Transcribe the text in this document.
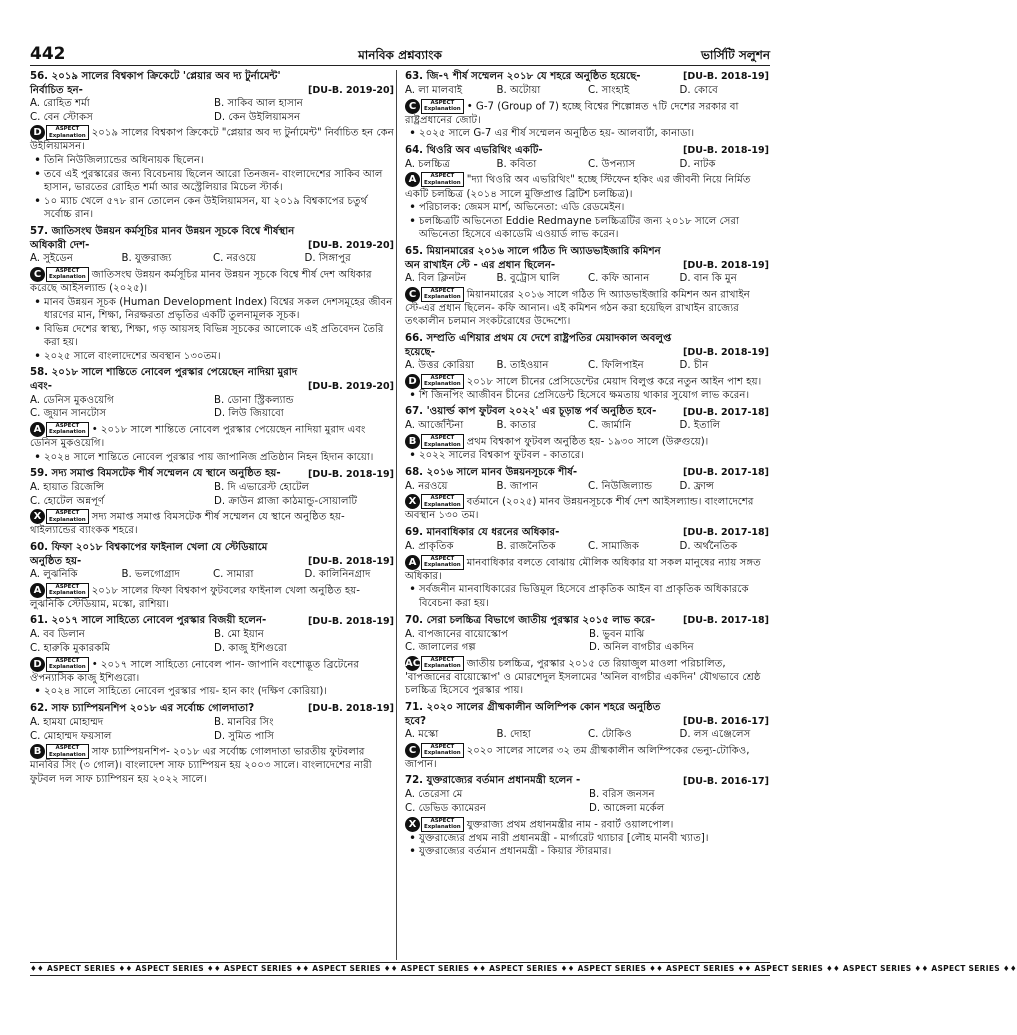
442	মানবিক প্রশ্নব্যাংক	ভার্সিটি সলুশন
56. ২০১৯ সালের বিশ্বকাপ ক্রিকেটে 'প্লেয়ার অব দ্য টুর্নামেন্ট' নির্বাচিত হন-	[DU-B. 2019-20]
A. রোহিত শর্মা	B. সাকিব আল হাসান
C. বেন স্টোকস	D. কেন উইলিয়ামসন
D	ASPECT
Explanation ২০১৯ সালের বিশ্বকাপ ক্রিকেটে "প্লেয়ার অব দ্য টুর্নামেন্ট" নির্বাচিত হন কেন উইলিয়ামসন।
• তিনি নিউজিল্যান্ডের অধিনায়ক ছিলেন।
• তবে এই পুরস্কারের জন্য বিবেচনায় ছিলেন আরো তিনজন- বাংলাদেশের সাকিব আল হাসান, ভারতের রোহিত শর্মা আর অস্ট্রেলিয়ার মিচেল স্টার্ক।
• ১০ ম্যাচ খেলে ৫৭৮ রান তোলেন কেন উইলিয়ামসন, যা ২০১৯ বিশ্বকাপের চতুর্থ সর্বোচ্চ রান।
57. জাতিসংঘ উন্নয়ন কর্মসূচির মানব উন্নয়ন সূচকে বিশ্বে শীর্ষস্থান অধিকারী দেশ-	[DU-B. 2019-20]
A. সুইডেন	B. যুক্তরাজ্য	C. নরওয়ে	D. সিঙ্গাপুর
C	ASPECT
Explanation জাতিসংঘ উন্নয়ন কর্মসূচির মানব উন্নয়ন সূচকে বিশ্বে শীর্ষ দেশ অধিকার করেছে আইসল্যান্ড (২০২৫)।
• মানব উন্নয়ন সূচক (Human Development Index) বিশ্বের সকল দেশসমূহের জীবন ধারণের মান, শিক্ষা, নিরক্ষরতা প্রভৃতির একটি তুলনামূলক সূচক।
• বিভিন্ন দেশের স্বাস্থ্য, শিক্ষা, গড় আয়সহ বিভিন্ন সূচকের আলোকে এই প্রতিবেদন তৈরি করা হয়।
• ২০২৫ সালে বাংলাদেশের অবস্থান ১৩০তম।
58. ২০১৮ সালে শান্তিতে নোবেল পুরস্কার পেয়েছেন নাদিয়া মুরাদ এবং-	[DU-B. 2019-20]
A. ডেনিস মুকওয়েগি	B. ডোনা স্ট্রিকল্যান্ড
C. জুয়ান সানটোস	D. লিউ জিয়াবো
A	ASPECT
Explanation • ২০১৮ সালে শান্তিতে নোবেল পুরস্কার পেয়েছেন নাদিয়া মুরাদ এবং ডেনিস মুকওয়েগি।
• ২০২৪ সালে শান্তিতে নোবেল পুরস্কার পায় জাপানিজ প্রতিষ্ঠান নিহন হিদান কায়ো।
59. সদ্য সমাপ্ত বিমসটেক শীর্ষ সম্মেলন যে স্থানে অনুষ্ঠিত হয়-	[DU-B. 2018-19]
A. হায়াত রিজেন্সি	B. দি এভারেস্ট হোটেল
C. হোটেল অন্নপূর্ণ	D. ক্রাউন প্লাজা কাঠমান্ডু-সোয়ালটি
X	ASPECT
Explanation সদ্য সমাপ্ত সমাপ্ত বিমসটেক শীর্ষ সম্মেলন যে স্থানে অনুষ্ঠিত হয়- থাইল্যান্ডের ব্যাংকক শহরে।
60. ফিফা ২০১৮ বিশ্বকাপের ফাইনাল খেলা যে স্টেডিয়ামে অনুষ্ঠিত হয়-	[DU-B. 2018-19]
A. লুঝনিকি	B. ভলগোগ্রাদ	C. সামারা	D. কালিনিনগ্রাদ
A	ASPECT
Explanation ২০১৮ সালের ফিফা বিশ্বকাপ ফুটবলের ফাইনাল খেলা অনুষ্ঠিত হয়- লুঝনিকি স্টেডিয়াম, মস্কো, রাশিয়া।
61. ২০১৭ সালে সাহিত্যে নোবেল পুরস্কার বিজয়ী হলেন-	[DU-B. 2018-19]
A. বব ডিলান	B. মো ইয়ান
C. হারুকি মুকারকমি	D. কাজু ইশিগুরো
D	ASPECT
Explanation • ২০১৭ সালে সাহিত্যে নোবেল পান- জাপানি বংশোদ্ভূত ব্রিটেনের ঔপন্যাসিক কাজু ইশিগুরো।
• ২০২৪ সালে সাহিত্যে নোবেল পুরস্কার পায়- হান কাং (দক্ষিণ কোরিয়া)।
62. সাফ চ্যাম্পিয়নশিপ ২০১৮ এর সর্বোচ্চ গোলদাতা?	[DU-B. 2018-19]
A. হামযা মোহাম্মদ	B. মানবির সিং
C. মোহাম্মদ ফয়সাল	D. সুমিত পাসি
B	ASPECT
Explanation সাফ চ্যাম্পিয়নশিপ- ২০১৮ এর সর্বোচ্চ গোলদাতা ভারতীয় ফুটবলার মানবির সিং (৩ গোল)। বাংলাদেশ সাফ চ্যাম্পিয়ন হয় ২০০৩ সালে। বাংলাদেশের নারী ফুটবল দল সাফ চ্যাম্পিয়ন হয় ২০২২ সালে।
63. জি-৭ শীর্ষ সম্মেলন ২০১৮ যে শহরে অনুষ্ঠিত হয়েছে-	[DU-B. 2018-19]
A. লা মালবাই	B. অটোয়া	C. সাংহাই	D. কোবে
C	ASPECT
Explanation • G-7 (Group of 7) হচ্ছে বিশ্বের শিল্পোন্নত ৭টি দেশের সরকার বা রাষ্ট্রপ্রধানের জোট।
• ২০২৫ সালে G-7 এর শীর্ষ সম্মেলন অনুষ্ঠিত হয়- আলবার্টা, কানাডা।
64. থিওরি অব এভরিথিং একটি-	[DU-B. 2018-19]
A. চলচ্চিত্র	B. কবিতা	C. উপন্যাস	D. নাটক
A	ASPECT
Explanation "দ্যা থিওরি অব এভরিথিং" হচ্ছে স্টিফেন হকিং এর জীবনী নিয়ে নির্মিত একটি চলচ্চিত্র (২০১৪ সালে মুক্তিপ্রাপ্ত ব্রিটিশ চলচ্চিত্র)।
• পরিচালক: জেমস মার্শ, অভিনেতা: এডি রেডমেইন।
• চলচ্চিত্রটি অভিনেতা Eddie Redmayne চলচ্চিত্রটির জন্য ২০১৮ সালে সেরা অভিনেতা হিসেবে একাডেমি এওয়ার্ড লাভ করেন।
65. মিয়ানমারের ২০১৬ সালে গঠিত দি অ্যাডভাইজারি কমিশন অন রাখাইন স্টে - এর প্রধান ছিলেন-	[DU-B. 2018-19]
A. বিল ক্লিনটন	B. বুট্রোস ঘালি	C. কফি আনান	D. বান কি মুন
C	ASPECT
Explanation মিয়ানমারের ২০১৬ সালে গঠিত দি অ্যাডভাইজারি কমিশন অন রাখাইন স্টে-এর প্রধান ছিলেন- কফি আনান। এই কমিশন গঠন করা হয়েছিল রাখাইন রাজ্যের তৎকালীন চলমান সংকটরোধের উদ্দেশ্যে।
66. সম্প্রতি এশিয়ার প্রথম যে দেশে রাষ্ট্রপতির মেয়াদকাল অবলুপ্ত হয়েছে-	[DU-B. 2018-19]
A. উত্তর কোরিয়া	B. তাইওয়ান	C. ফিলিপাইন	D. চীন
D	ASPECT
Explanation ২০১৮ সালে চীনের প্রেসিডেন্টের মেয়াদ বিলুপ্ত করে নতুন আইন পাশ হয়।
• শি জিনপিং আজীবন চীনের প্রেসিডেন্ট হিসেবে ক্ষমতায় থাকার সুযোগ লাভ করেন।
67. 'ওয়ার্ল্ড কাপ ফুটবল ২০২২' এর চূড়ান্ত পর্ব অনুষ্ঠিত হবে-	[DU-B. 2017-18]
A. আর্জেন্টিনা	B. কাতার	C. জার্মানি	D. ইতালি
B	ASPECT
Explanation প্রথম বিশ্বকাপ ফুটবল অনুষ্ঠিত হয়- ১৯৩০ সালে (উরুগুয়ে)।
• ২০২২ সালের বিশ্বকাপ ফুটবল - কাতারে।
68. ২০১৬ সালে মানব উন্নয়নসূচকে শীর্ষ-	[DU-B. 2017-18]
A. নরওয়ে	B. জাপান	C. নিউজিল্যান্ড	D. ফ্রান্স
X	ASPECT
Explanation বর্তমানে (২০২৫) মানব উন্নয়নসূচকে শীর্ষ দেশ আইসল্যান্ড। বাংলাদেশের অবস্থান ১৩০ তম।
69. মানবাধিকার যে ধরনের অধিকার-	[DU-B. 2017-18]
A. প্রাকৃতিক	B. রাজনৈতিক	C. সামাজিক	D. অর্থনৈতিক
A	ASPECT
Explanation মানবাধিকার বলতে বোঝায় মৌলিক অধিকার যা সকল মানুষের ন্যায় সঙ্গত অধিকার।
• সর্বজনীন মানবাধিকারের ভিত্তিমূল হিসেবে প্রাকৃতিক আইন বা প্রাকৃতিক অধিকারকে বিবেচনা করা হয়।
70. সেরা চলচ্চিত্র বিভাগে জাতীয় পুরস্কার ২০১৫ লাভ করে-	[DU-B. 2017-18]
A. বাপজানের বায়োস্কোপ	B. ভুবন মাঝি
C. জালালের গল্প	D. অনিল বাগচীর একদিন
AC	ASPECT
Explanation জাতীয় চলচ্চিত্র, পুরস্কার ২০১৫ তে রিয়াজুল মাওলা পরিচালিত, 'বাপজানের বায়োস্কোপ' ও মোরশেদুল ইসলামের 'অনিল বাগচীর একদিন' যৌথভাবে শ্রেষ্ঠ চলচ্চিত্র হিসেবে পুরস্কার পায়।
71. ২০২০ সালের গ্রীষ্মকালীন অলিম্পিক কোন শহরে অনুষ্ঠিত হবে?	[DU-B. 2016-17]
A. মস্কো	B. দোহা	C. টোকিও	D. লস এঞ্জেলেস
C	ASPECT
Explanation ২০২০ সালের সালের ৩২ তম গ্রীষ্মকালীন অলিম্পিকের ভেন্যু-টোকিও, জাপান।
72. যুক্তরাজ্যের বর্তমান প্রধানমন্ত্রী হলেন -	[DU-B. 2016-17]
A. তেরেসা মে	B. বরিস জনসন
C. ডেভিড ক্যামেরন	D. আঙ্গেলা মর্কেল
X	ASPECT
Explanation যুক্তরাজ্য প্রথম প্রধানমন্ত্রীর নাম - রবার্ট ওয়ালপোল।
• যুক্তরাজ্যের প্রথম নারী প্রধানমন্ত্রী - মার্গারেট থ্যাচার [লৌহ মানবী খ্যাত]।
• যুক্তরাজ্যের বর্তমান প্রধানমন্ত্রী - কিয়ার স্টারমার।
♦♦ ASPECT SERIES ♦♦ ASPECT SERIES ♦♦ ASPECT SERIES ♦♦ ASPECT SERIES ♦♦ ASPECT SERIES ♦♦ ASPECT SERIES ♦♦ ASPECT SERIES ♦♦ ASPECT SERIES ♦♦ ASPECT SERIES ♦♦ ASPECT SERIES ♦♦ ASPECT SERIES ♦♦
